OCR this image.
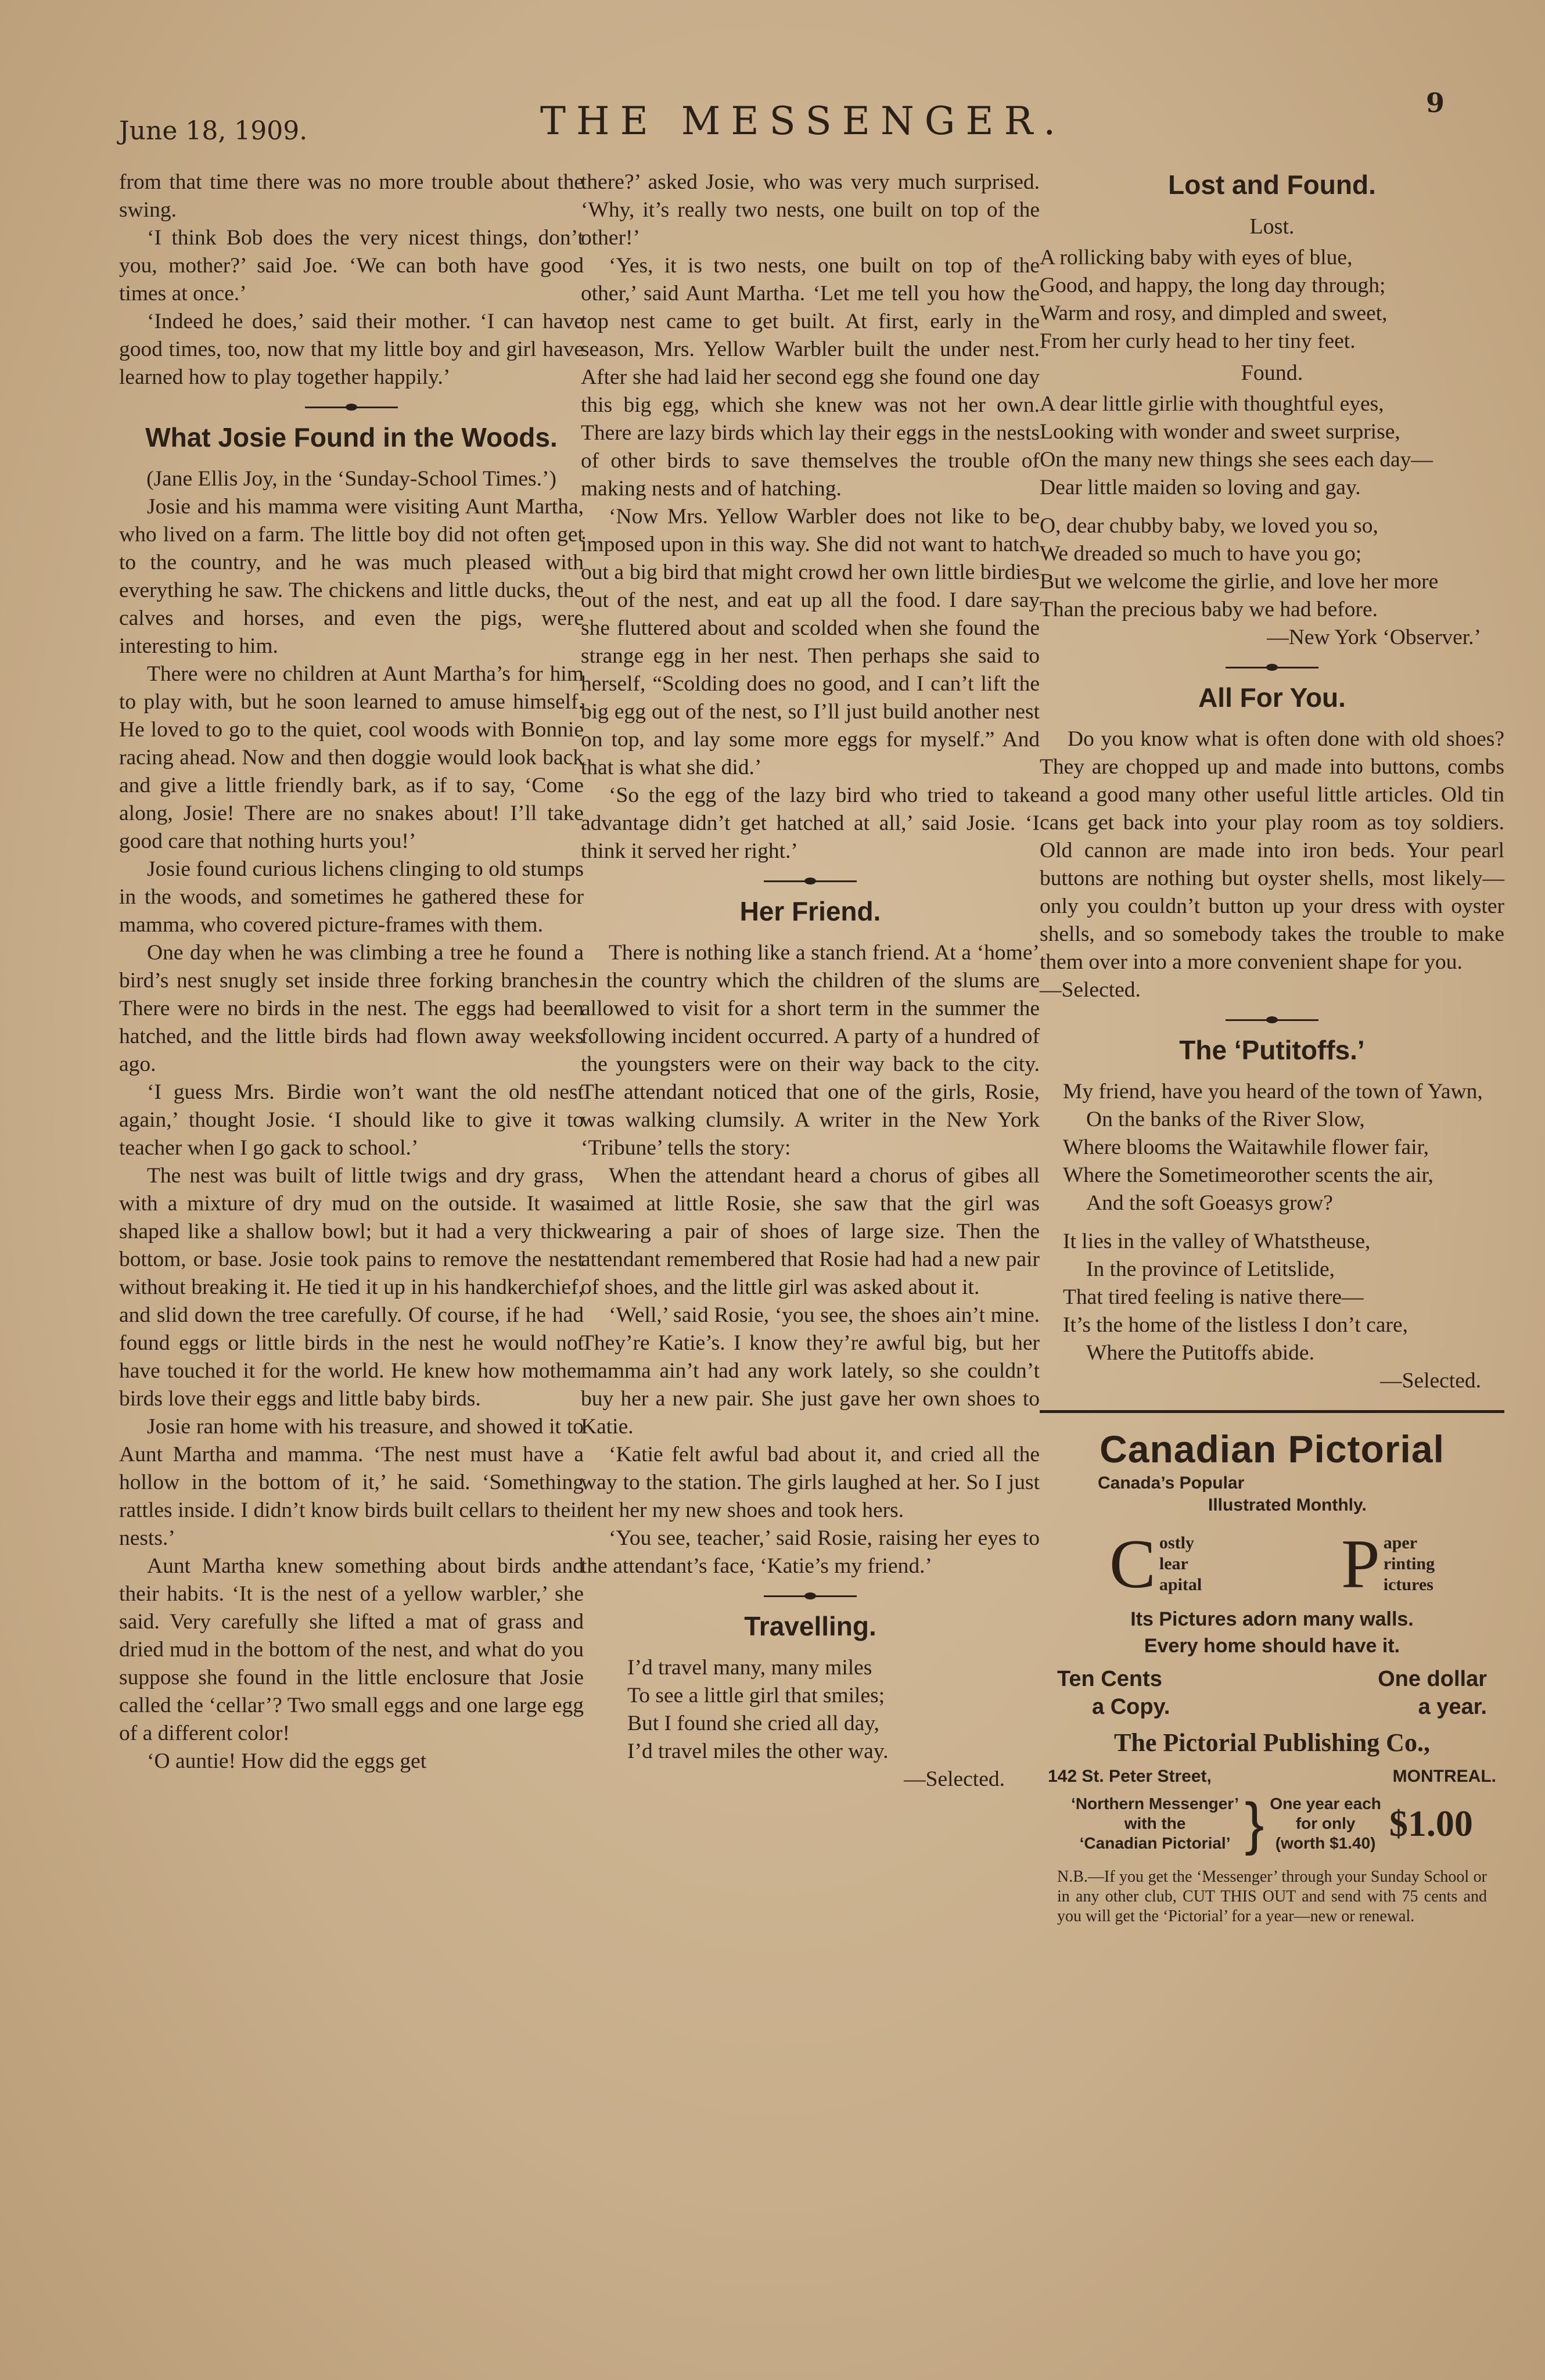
June 18, 1909.	THE MESSENGER.	9

from that time there was no more trouble about the swing.

‘I think Bob does the very nicest things, don’t you, mother?’ said Joe. ‘We can both have good times at once.’

‘Indeed he does,’ said their mother. ‘I can have good times, too, now that my little boy and girl have learned how to play together happily.’

What Josie Found in the Woods.

(Jane Ellis Joy, in the ‘Sunday-School Times.’)

Josie and his mamma were visiting Aunt Martha, who lived on a farm. The little boy did not often get to the country, and he was much pleased with everything he saw. The chickens and little ducks, the calves and horses, and even the pigs, were interesting to him.

There were no children at Aunt Martha’s for him to play with, but he soon learned to amuse himself. He loved to go to the quiet, cool woods with Bonnie racing ahead. Now and then doggie would look back and give a little friendly bark, as if to say, ‘Come along, Josie! There are no snakes about! I’ll take good care that nothing hurts you!’

Josie found curious lichens clinging to old stumps in the woods, and sometimes he gathered these for mamma, who covered picture-frames with them.

One day when he was climbing a tree he found a bird’s nest snugly set inside three forking branches. There were no birds in the nest. The eggs had been hatched, and the little birds had flown away weeks ago.

‘I guess Mrs. Birdie won’t want the old nest again,’ thought Josie. ‘I should like to give it to teacher when I go gack to school.’

The nest was built of little twigs and dry grass, with a mixture of dry mud on the outside. It was shaped like a shallow bowl; but it had a very thick bottom, or base. Josie took pains to remove the nest without breaking it. He tied it up in his handkerchief, and slid down the tree carefully. Of course, if he had found eggs or little birds in the nest he would not have touched it for the world. He knew how mother birds love their eggs and little baby birds.

Josie ran home with his treasure, and showed it to Aunt Martha and mamma. ‘The nest must have a hollow in the bottom of it,’ he said. ‘Something rattles inside. I didn’t know birds built cellars to their nests.’

Aunt Martha knew something about birds and their habits. ‘It is the nest of a yellow warbler,’ she said. Very carefully she lifted a mat of grass and dried mud in the bottom of the nest, and what do you suppose she found in the little enclosure that Josie called the ‘cellar’? Two small eggs and one large egg of a different color!

‘O auntie! How did the eggs get

there?’ asked Josie, who was very much surprised. ‘Why, it’s really two nests, one built on top of the other!’

‘Yes, it is two nests, one built on top of the other,’ said Aunt Martha. ‘Let me tell you how the top nest came to get built. At first, early in the season, Mrs. Yellow Warbler built the under nest. After she had laid her second egg she found one day this big egg, which she knew was not her own. There are lazy birds which lay their eggs in the nests of other birds to save themselves the trouble of making nests and of hatching.

‘Now Mrs. Yellow Warbler does not like to be imposed upon in this way. She did not want to hatch out a big bird that might crowd her own little birdies out of the nest, and eat up all the food. I dare say she fluttered about and scolded when she found the strange egg in her nest. Then perhaps she said to herself, “Scolding does no good, and I can’t lift the big egg out of the nest, so I’ll just build another nest on top, and lay some more eggs for myself.” And that is what she did.’

‘So the egg of the lazy bird who tried to take advantage didn’t get hatched at all,’ said Josie. ‘I think it served her right.’

Her Friend.

There is nothing like a stanch friend. At a ‘home’ in the country which the children of the slums are allowed to visit for a short term in the summer the following incident occurred. A party of a hundred of the youngsters were on their way back to the city. The attendant noticed that one of the girls, Rosie, was walking clumsily. A writer in the New York ‘Tribune’ tells the story:

When the attendant heard a chorus of gibes all aimed at little Rosie, she saw that the girl was wearing a pair of shoes of large size. Then the attendant remembered that Rosie had had a new pair of shoes, and the little girl was asked about it.

‘Well,’ said Rosie, ‘you see, the shoes ain’t mine. They’re Katie’s. I know they’re awful big, but her mamma ain’t had any work lately, so she couldn’t buy her a new pair. She just gave her own shoes to Katie.

‘Katie felt awful bad about it, and cried all the way to the station. The girls laughed at her. So I just lent her my new shoes and took hers.

‘You see, teacher,’ said Rosie, raising her eyes to the attendant’s face, ‘Katie’s my friend.’

Travelling.
I’d travel many, many miles
To see a little girl that smiles;
But I found she cried all day,
I’d travel miles the other way.
—Selected.
Lost and Found.
Lost.
A rollicking baby with eyes of blue,
Good, and happy, the long day through;
Warm and rosy, and dimpled and sweet,
From her curly head to her tiny feet.
Found.
A dear little girlie with thoughtful eyes,
Looking with wonder and sweet surprise,
On the many new things she sees each day—
Dear little maiden so loving and gay.
O, dear chubby baby, we loved you so,
We dreaded so much to have you go;
But we welcome the girlie, and love her more
Than the precious baby we had before.
—New York ‘Observer.’
All For You.

Do you know what is often done with old shoes? They are chopped up and made into buttons, combs and a good many other useful little articles. Old tin cans get back into your play room as toy soldiers. Old cannon are made into iron beds. Your pearl buttons are nothing but oyster shells, most likely—only you couldn’t button up your dress with oyster shells, and so somebody takes the trouble to make them over into a more convenient shape for you.

—Selected.

The ‘Putitoffs.’
My friend, have you heard of the town of Yawn,
On the banks of the River Slow,
Where blooms the Waitawhile flower fair,
Where the Sometimeorother scents the air,
And the soft Goeasys grow?
It lies in the valley of Whatstheuse,
In the province of Letitslide,
That tired feeling is native there—
It’s the home of the listless I don’t care,
Where the Putitoffs abide.
—Selected.
Canadian Pictorial
Canada’s Popular
Illustrated Monthly.
C ostly
lear
apital P aper
rinting
ictures
Its Pictures adorn many walls.
Every home should have it.
Ten Cents
a Copy.
One dollar
a year.
The Pictorial Publishing Co.,
142 St. Peter Street,	MONTREAL.
‘Northern Messenger’
with the
‘Canadian Pictorial’ } One year each
for only
(worth $1.40) $1.00
N.B.—If you get the ‘Messenger’ through your Sunday School or in any other club, CUT THIS OUT and send with 75 cents and you will get the ‘Pictorial’ for a year—new or renewal.
